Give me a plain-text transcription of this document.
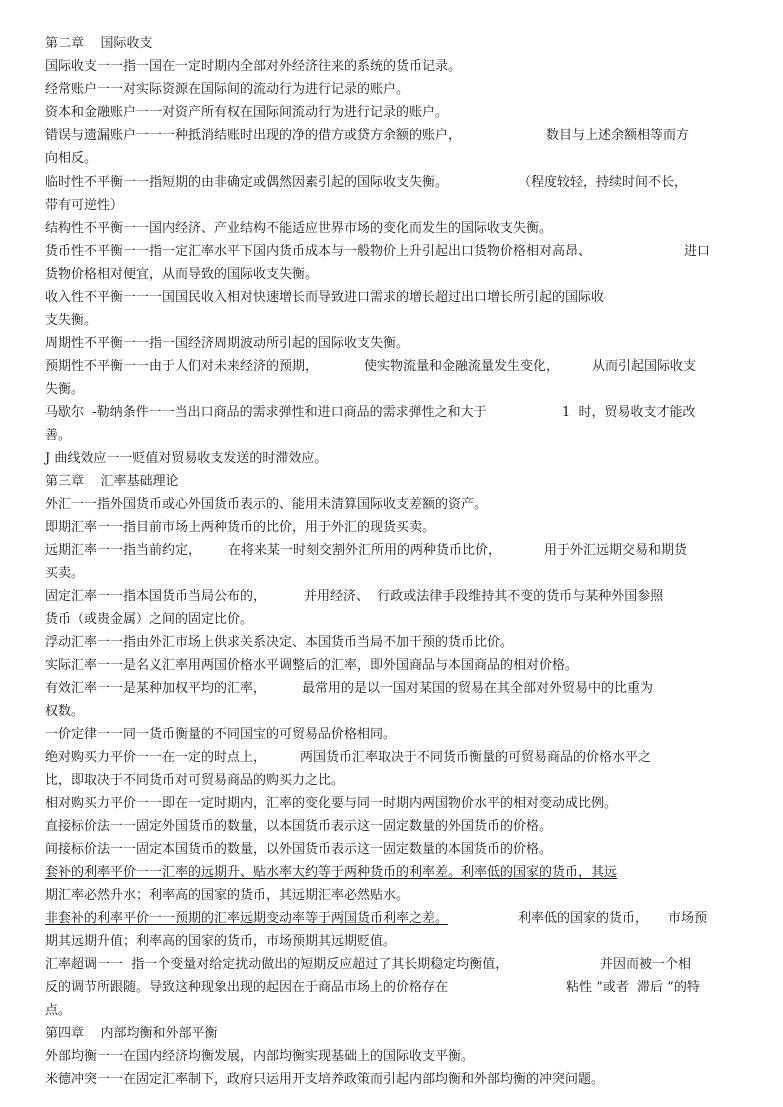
第二章    国际收支

国际收支一一指一国在一定时期内全部对外经济往来的系统的货币记录。

经常账户一一对实际资源在国际间的流动行为进行记录的账户。

资本和金融账户一一对资产所有权在国际间流动行为进行记录的账户。

错误与遗漏账户一一一种抵消结账时出现的净的借方或贷方余额的账户，	数目与上述余额相等而方

向相反。

临时性不平衡一一指短期的由非确定或偶然因素引起的国际收支失衡。	（程度较轻，持续时间不长，

带有可逆性）

结构性不平衡一一国内经济、产业结构不能适应世界市场的变化而发生的国际收支失衡。

货币性不平衡一一指一定汇率水平下国内货币成本与一般物价上升引起出口货物价格相对高昂、	进口

货物价格相对便宜，从而导致的国际收支失衡。

收入性不平衡一一一国国民收入相对快速增长而导致进口需求的增长超过出口增长所引起的国际收

支失衡。

周期性不平衡一一指一国经济周期波动所引起的国际收支失衡。

预期性不平衡一一由于人们对未来经济的预期，	使实物流量和金融流量发生变化，	从而引起国际收支

失衡。

马歇尔  -勒纳条件一一当出口商品的需求弹性和进口商品的需求弹性之和大于	1  时，贸易收支才能改

善。

J 曲线效应一一贬值对贸易收支发送的时滞效应。

第三章    汇率基础理论

外汇一一指外国货币或心外国货币表示的、能用未清算国际收支差额的资产。

即期汇率一一指目前市场上两种货币的比价，用于外汇的现货买卖。

远期汇率一一指当前约定， 在将来某一时刻交割外汇所用的两种货币比价，	用于外汇远期交易和期货

买卖。

固定汇率一一指本国货币当局公布的，	并用经济、  行政或法律手段维持其不变的货币与某种外国参照

货币（或贵金属）之间的固定比价。

浮动汇率一一指由外汇市场上供求关系决定、本国货币当局不加干预的货币比价。

实际汇率一一是名义汇率用两国价格水平调整后的汇率，即外国商品与本国商品的相对价格。

有效汇率一一是某种加权平均的汇率，	最常用的是以一国对某国的贸易在其全部对外贸易中的比重为

权数。

一价定律一一同一货币衡量的不同国宝的可贸易品价格相同。

绝对购买力平价一一在一定的时点上，	两国货币汇率取决于不同货币衡量的可贸易商品的价格水平之

比，即取决于不同货币对可贸易商品的购买力之比。

相对购买力平价一一即在一定时期内，汇率的变化要与同一时期内两国物价水平的相对变动成比例。

直接标价法一一固定外国货币的数量，以本国货币表示这一固定数量的外国货币的价格。

间接标价法一一固定本国货币的数量，以外国货币表示这一固定数量的本国货币的价格。

套补的利率平价一一汇率的远期升、贴水率大约等于两种货币的利率差。利率低的国家的货币，其远

期汇率必然升水；利率高的国家的货币，其远期汇率必然贴水。

非套补的利率平价一一预期的汇率远期变动率等于两国货币利率之差。	利率低的国家的货币， 市场预

期其远期升值；利率高的国家的货币，市场预期其远期贬值。

汇率超调一一  指一个变量对给定扰动做出的短期反应超过了其长期稳定均衡值，	并因而被一个相

反的调节所跟随。导致这种现象出现的起因在于商品市场上的价格存在	粘性 ”或者  滞后 ”的特

点。

第四章    内部均衡和外部平衡

外部均衡一一在国内经济均衡发展，内部均衡实现基础上的国际收支平衡。

米德冲突一一在固定汇率制下，政府只运用开支培养政策而引起内部均衡和外部均衡的冲突问题。
